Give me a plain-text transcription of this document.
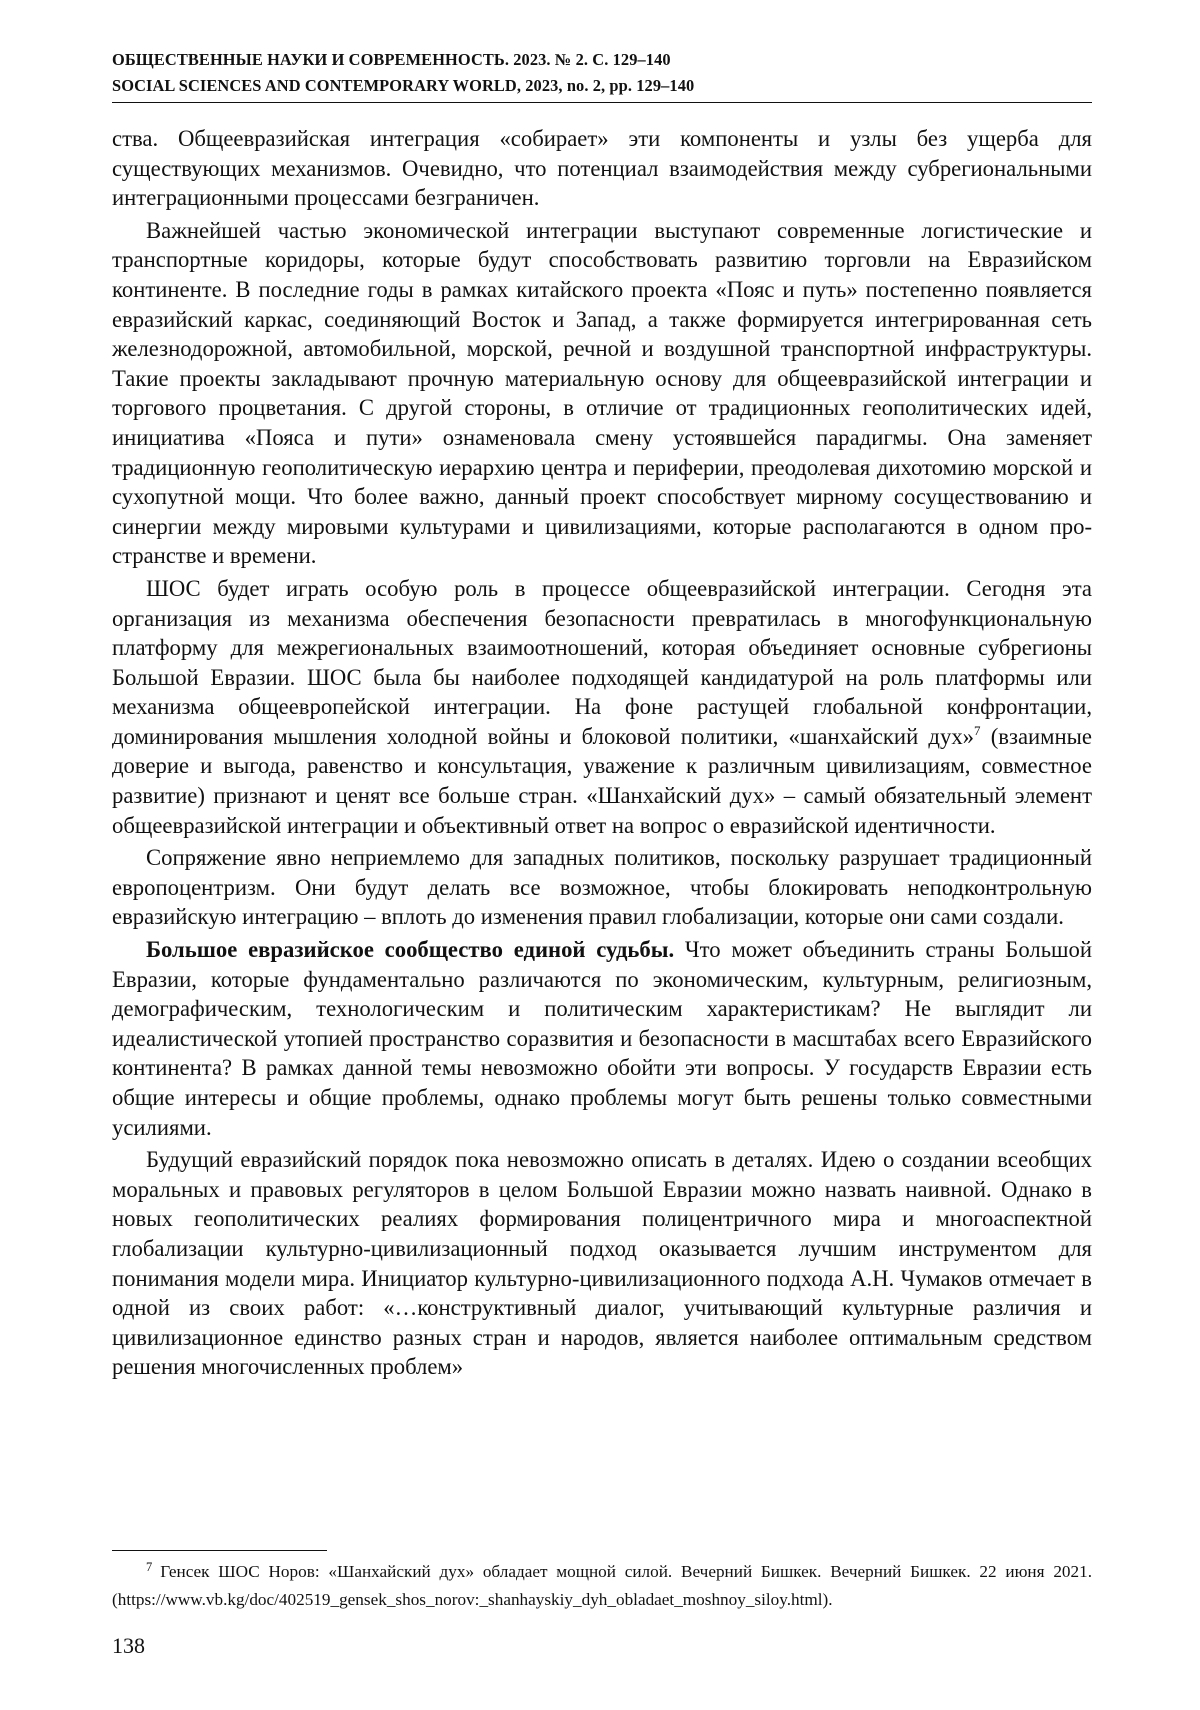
ОБЩЕСТВЕННЫЕ НАУКИ И СОВРЕМЕННОСТЬ. 2023. № 2. С. 129–140
SOCIAL SCIENCES AND CONTEMPORARY WORLD, 2023, no. 2, pp. 129–140

ства. Общеевразийская интеграция «собирает» эти компоненты и узлы без ущерба для существующих механизмов. Очевидно, что потенциал взаимодействия между субрегиональными интеграционными процессами безграничен.

Важнейшей частью экономической интеграции выступают современные логистические и транспортные коридоры, которые будут способствовать развитию торговли на Евразийском континенте. В последние годы в рамках китайского проекта «Пояс и путь» постепенно появляется евразийский каркас, соединяющий Восток и Запад, а также формируется интегрированная сеть железнодорожной, автомобильной, морской, речной и воздушной транспортной инфраструктуры. Такие проекты закладывают прочную материальную основу для общеевразийской интеграции и торгового процветания. С другой стороны, в отличие от традиционных геополитических идей, инициатива «Пояса и пути» ознаменовала смену устоявшейся парадигмы. Она заменяет традиционную геополитическую иерархию центра и периферии, преодолевая дихотомию морской и сухопутной мощи. Что более важно, данный проект способствует мирному сосуществованию и синергии между мировыми культурами и цивилизациями, которые располагаются в одном пространстве и времени.

ШОС будет играть особую роль в процессе общеевразийской интеграции. Сегодня эта организация из механизма обеспечения безопасности превратилась в многофункциональную платформу для межрегиональных взаимоотношений, которая объединяет основные субрегионы Большой Евразии. ШОС была бы наиболее подходящей кандидатурой на роль платформы или механизма общеевропейской интеграции. На фоне растущей глобальной конфронтации, доминирования мышления холодной войны и блоковой политики, «шанхайский дух»$^7$ (взаимные доверие и выгода, равенство и консультация, уважение к различным цивилизациям, совместное развитие) признают и ценят все больше стран. «Шанхайский дух» – самый обязательный элемент общеевразийской интеграции и объективный ответ на вопрос о евразийской идентичности.

Сопряжение явно неприемлемо для западных политиков, поскольку разрушает традиционный европоцентризм. Они будут делать все возможное, чтобы блокировать неподконтрольную евразийскую интеграцию – вплоть до изменения правил глобализации, которые они сами создали.

Большое евразийское сообщество единой судьбы. Что может объединить страны Большой Евразии, которые фундаментально различаются по экономическим, культурным, религиозным, демографическим, технологическим и политическим характеристикам? Не выглядит ли идеалистической утопией пространство соразвития и безопасности в масштабах всего Евразийского континента? В рамках данной темы невозможно обойти эти вопросы. У государств Евразии есть общие интересы и общие проблемы, однако проблемы могут быть решены только совместными усилиями.

Будущий евразийский порядок пока невозможно описать в деталях. Идею о создании всеобщих моральных и правовых регуляторов в целом Большой Евразии можно назвать наивной. Однако в новых геополитических реалиях формирования полицентричного мира и многоаспектной глобализации культурно-цивилизационный подход оказывается лучшим инструментом для понимания модели мира. Инициатор культурно-цивилизационного подхода А.Н. Чумаков отмечает в одной из своих работ: «…конструктивный диалог, учитывающий культурные различия и цивилизационное единство разных стран и народов, является наиболее оптимальным средством решения многочисленных проблем»

$^7$ Генсек ШОС Норов: «Шанхайский дух» обладает мощной силой. Вечерний Бишкек. Вечерний Бишкек. 22 июня 2021. (https://www.vb.kg/doc/402519_gensek_shos_norov:_shanhayskiy_dyh_obladaet_moshnoy_siloy.html).
138
